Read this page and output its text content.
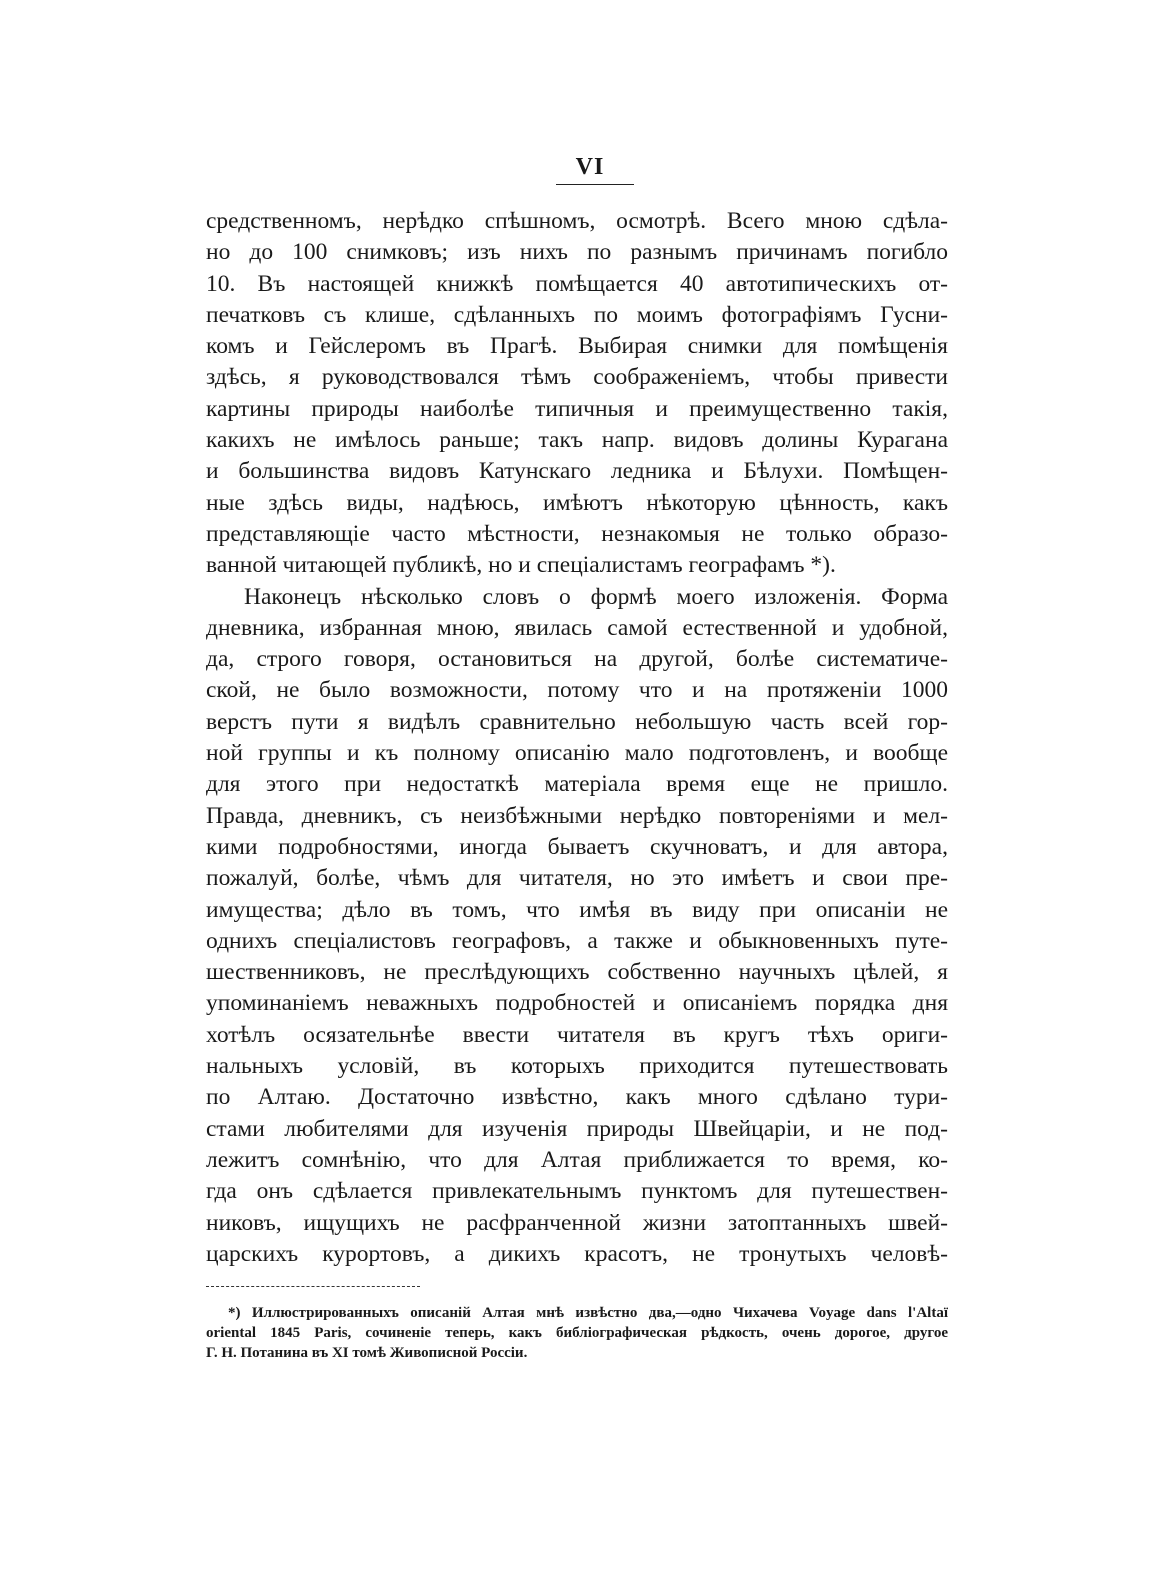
VI
средственномъ, нерѣдко спѣшномъ, осмотрѣ. Всего мною сдѣла-
но до 100 снимковъ; изъ нихъ по разнымъ причинамъ погибло
10. Въ настоящей книжкѣ помѣщается 40 автотипическихъ от-
печатковъ съ клише, сдѣланныхъ по моимъ фотографіямъ Гусни-
комъ и Гейслеромъ въ Прагѣ. Выбирая снимки для помѣщенія
здѣсь, я руководствовался тѣмъ соображеніемъ, чтобы привести
картины природы наиболѣе типичныя и преимущественно такія,
какихъ не имѣлось раньше; такъ напр. видовъ долины Курагана
и большинства видовъ Катунскаго ледника и Бѣлухи. Помѣщен-
ные здѣсь виды, надѣюсь, имѣютъ нѣкоторую цѣнность, какъ
представляющіе часто мѣстности, незнакомыя не только образо-
ванной читающей публикѣ, но и спеціалистамъ географамъ *).
Наконецъ нѣсколько словъ о формѣ моего изложенія. Форма
дневника, избранная мною, явилась самой естественной и удобной,
да, строго говоря, остановиться на другой, болѣе систематиче-
ской, не было возможности, потому что и на протяженіи 1000
верстъ пути я видѣлъ сравнительно небольшую часть всей гор-
ной группы и къ полному описанію мало подготовленъ, и вообще
для этого при недостаткѣ матеріала время еще не пришло.
Правда, дневникъ, съ неизбѣжными нерѣдко повтореніями и мел-
кими подробностями, иногда бываетъ скучноватъ, и для автора,
пожалуй, болѣе, чѣмъ для читателя, но это имѣетъ и свои пре-
имущества; дѣло въ томъ, что имѣя въ виду при описаніи не
однихъ спеціалистовъ географовъ, а также и обыкновенныхъ путе-
шественниковъ, не преслѣдующихъ собственно научныхъ цѣлей, я
упоминаніемъ неважныхъ подробностей и описаніемъ порядка дня
хотѣлъ осязательнѣе ввести читателя въ кругъ тѣхъ ориги-
нальныхъ условій, въ которыхъ приходится путешествовать
по Алтаю. Достаточно извѣстно, какъ много сдѣлано тури-
стами любителями для изученія природы Швейцаріи, и не под-
лежитъ сомнѣнію, что для Алтая приближается то время, ко-
гда онъ сдѣлается привлекательнымъ пунктомъ для путешествен-
никовъ, ищущихъ не расфранченной жизни затоптанныхъ швей-
царскихъ курортовъ, а дикихъ красотъ, не тронутыхъ человѣ-
*) Иллюстрированныхъ описаній Алтая мнѣ извѣстно два,—одно Чихачева Voyage dans l'Altaï
oriental 1845 Paris, сочиненіе теперь, какъ библіографическая рѣдкость, очень дорогое, другое
Г. Н. Потанина въ XI томѣ Живописной Россіи.
